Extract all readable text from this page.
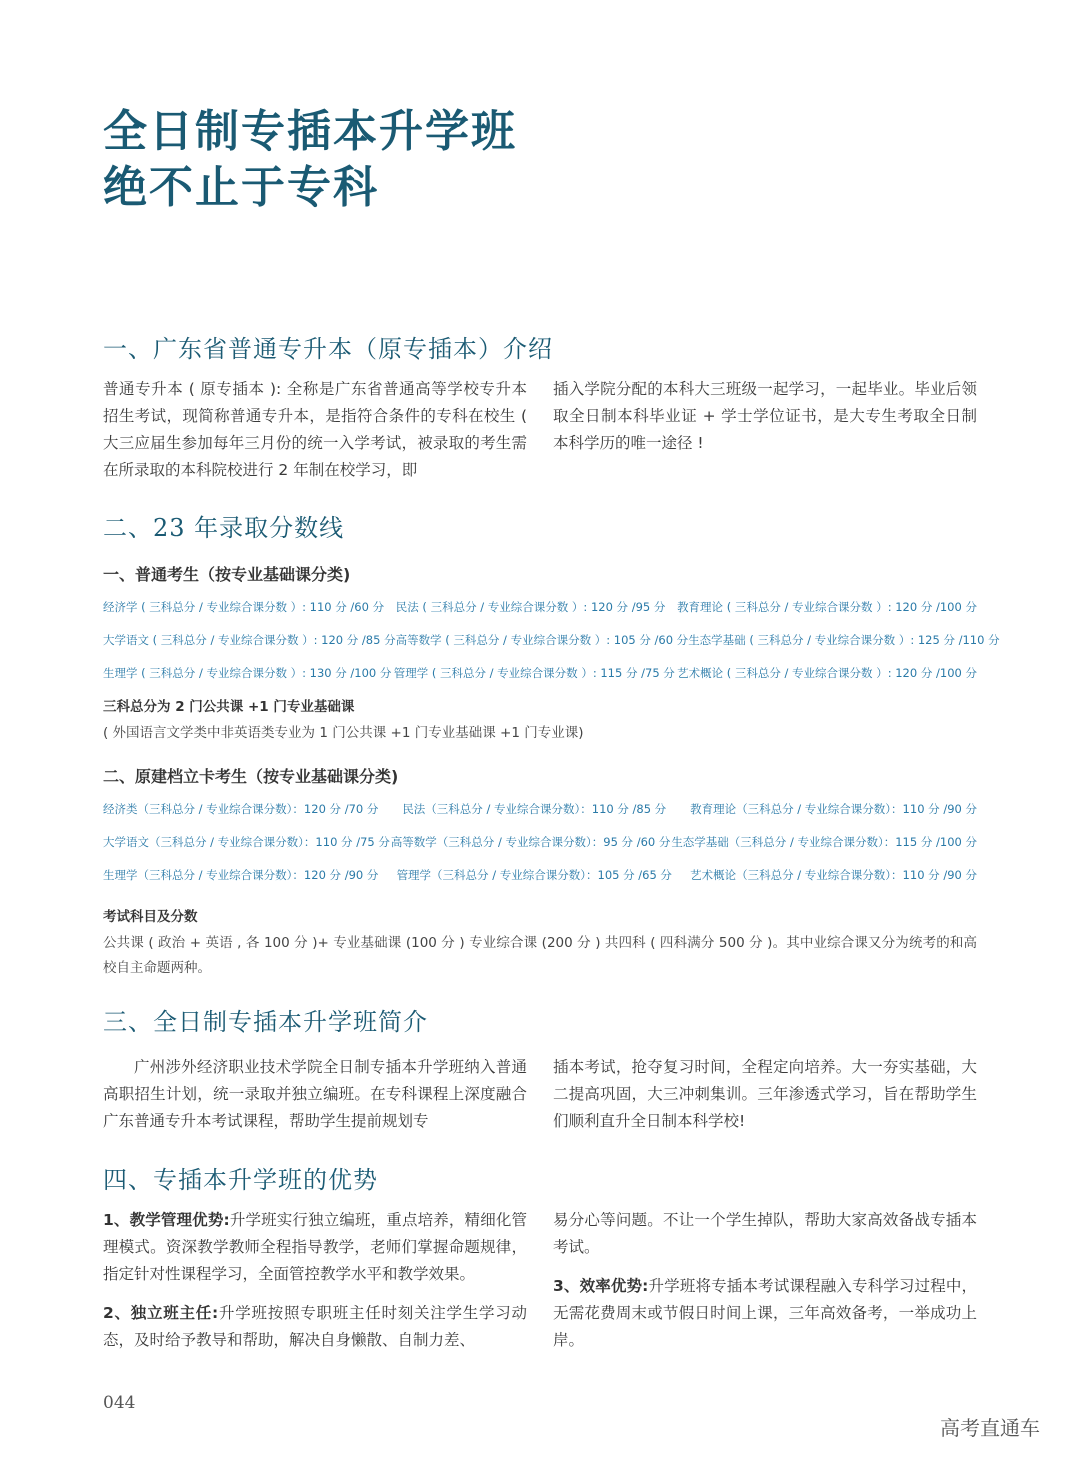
全日制专插本升学班
绝不止于专科
一、广东省普通专升本（原专插本）介绍
普通专升本 ( 原专插本 ): 全称是广东省普通高等学校专升本招生考试，现简称普通专升本，是指符合条件的专科在校生 ( 大三应届生参加每年三月份的统一入学考试，被录取的考生需在所录取的本科院校进行 2 年制在校学习，即
插入学院分配的本科大三班级一起学习，一起毕业。毕业后领取全日制本科毕业证 + 学士学位证书，是大专生考取全日制本科学历的唯一途径 !
二、23 年录取分数线
一、普通考生（按专业基础课分类)
经济学 ( 三科总分 / 专业综合课分数 ）: 110 分 /60 分 民法 ( 三科总分 / 专业综合课分数 ）: 120 分 /95 分 教育理论 ( 三科总分 / 专业综合课分数 ）: 120 分 /100 分
大学语文 ( 三科总分 / 专业综合课分数 ）: 120 分 /85 分 高等数学 ( 三科总分 / 专业综合课分数 ）: 105 分 /60 分 生态学基础 ( 三科总分 / 专业综合课分数 ）: 125 分 /110 分
生理学 ( 三科总分 / 专业综合课分数 ）: 130 分 /100 分 管理学 ( 三科总分 / 专业综合课分数 ）: 115 分 /75 分 艺术概论 ( 三科总分 / 专业综合课分数 ）: 120 分 /100 分
三科总分为 2 门公共课 +1 门专业基础课
( 外国语言文学类中非英语类专业为 1 门公共课 +1 门专业基础课 +1 门专业课)
二、原建档立卡考生（按专业基础课分类)
经济类（三科总分 / 专业综合课分数）：120 分 /70 分 民法（三科总分 / 专业综合课分数）：110 分 /85 分 教育理论（三科总分 / 专业综合课分数）：110 分 /90 分
大学语文（三科总分 / 专业综合课分数）：110 分 /75 分 高等数学（三科总分 / 专业综合课分数）：95 分 /60 分 生态学基础（三科总分 / 专业综合课分数）：115 分 /100 分
生理学（三科总分 / 专业综合课分数）：120 分 /90 分 管理学（三科总分 / 专业综合课分数）：105 分 /65 分 艺术概论（三科总分 / 专业综合课分数）：110 分 /90 分
考试科目及分数
公共课 ( 政治 + 英语 , 各 100 分 )+ 专业基础课 (100 分 ) 专业综合课 (200 分 ) 共四科 ( 四科满分 500 分 )。其中业综合课又分为统考的和高校自主命题两种。
三、全日制专插本升学班简介
广州涉外经济职业技术学院全日制专插本升学班纳入普通高职招生计划，统一录取并独立编班。在专科课程上深度融合广东普通专升本考试课程，帮助学生提前规划专
插本考试，抢夺复习时间，全程定向培养。大一夯实基础，大二提高巩固，大三冲刺集训。三年渗透式学习，旨在帮助学生们顺利直升全日制本科学校!
四、专插本升学班的优势
1、教学管理优势:升学班实行独立编班，重点培养，精细化管理模式。资深教学教师全程指导教学，老师们掌握命题规律，指定针对性课程学习，全面管控教学水平和教学效果。
2、独立班主任:升学班按照专职班主任时刻关注学生学习动态，及时给予教导和帮助，解决自身懒散、自制力差、
易分心等问题。不让一个学生掉队，帮助大家高效备战专插本考试。
3、效率优势:升学班将专插本考试课程融入专科学习过程中，无需花费周末或节假日时间上课，三年高效备考，一举成功上岸。
044
高考直通车
